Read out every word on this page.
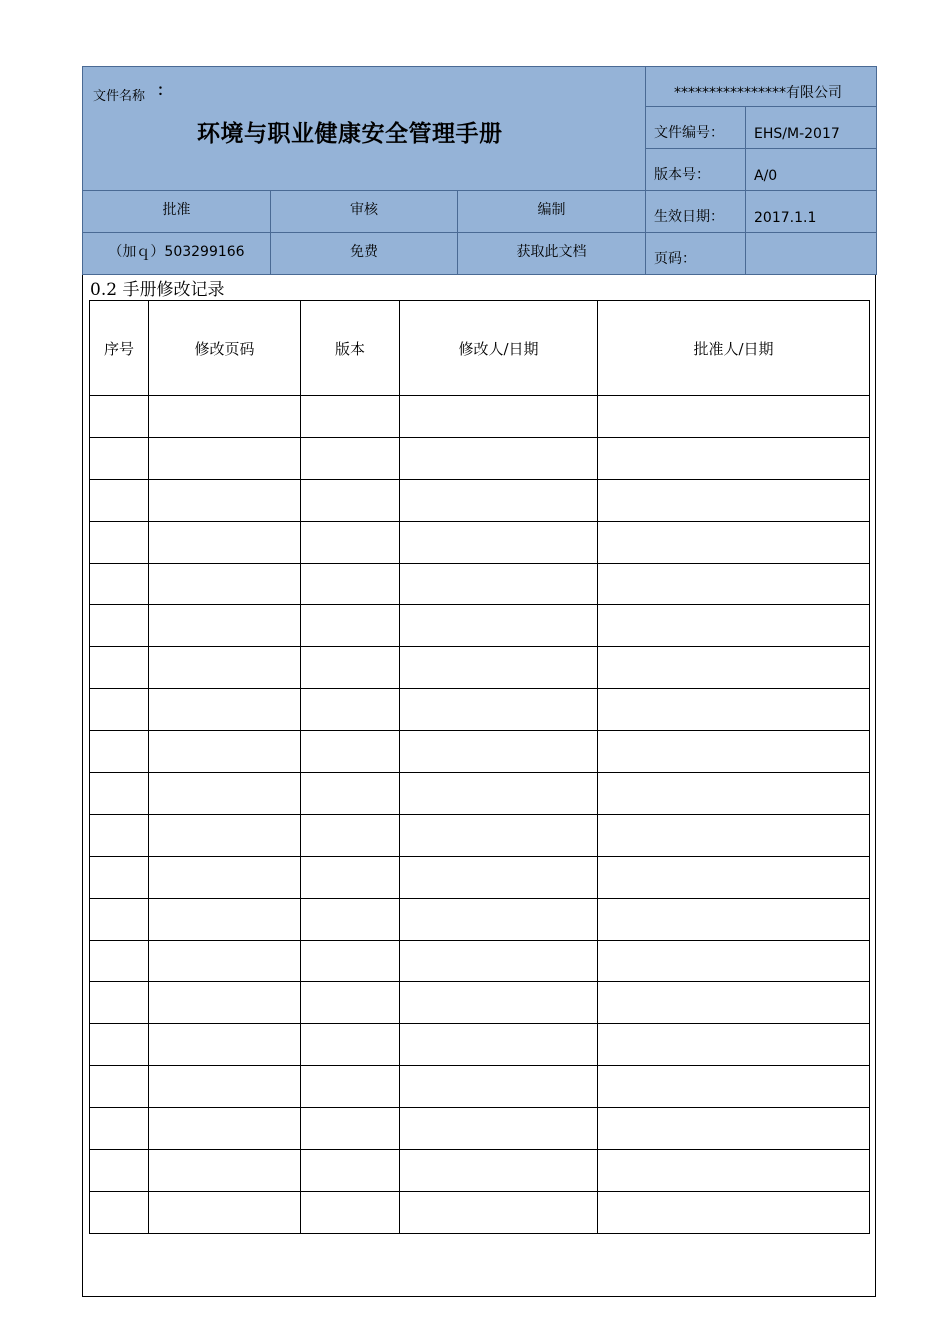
文件名称 ：
环境与职业健康安全管理手册			****************有限公司	
			文件编号：	EHS/M-2017
			版本号：	A/0
批准	审核	编制	生效日期：	2017.1.1
（加ｑ）503299166	免费	获取此文档	页码：	
0.2 手册修改记录
序号	修改页码	版本	修改人/日期	批准人/日期
